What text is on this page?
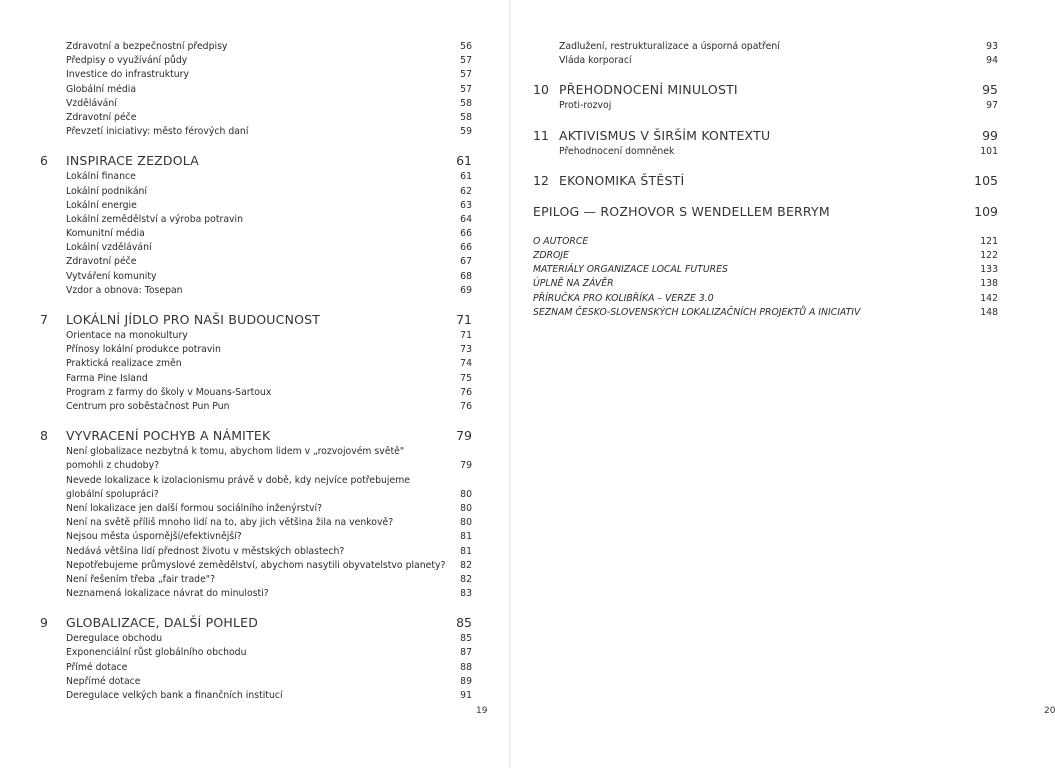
Zdravotní a bezpečnostní předpisy	56
Předpisy o využívání půdy	57
Investice do infrastruktury	57
Globální média	57
Vzdělávání	58
Zdravotní péče	58
Převzetí iniciativy: město férových daní	59
6 INSPIRACE ZEZDOLA	61
Lokální finance	61
Lokální podnikání	62
Lokální energie	63
Lokální zemědělství a výroba potravin	64
Komunitní média	66
Lokální vzdělávání	66
Zdravotní péče	67
Vytváření komunity	68
Vzdor a obnova: Tosepan	69
7 LOKÁLNÍ JÍDLO PRO NAŠI BUDOUCNOST	71
Orientace na monokultury	71
Přínosy lokální produkce potravin	73
Praktická realizace změn	74
Farma Pine Island	75
Program z farmy do školy v Mouans-Sartoux	76
Centrum pro soběstačnost Pun Pun	76
8 VYVRACENÍ POCHYB A NÁMITEK	79
Není globalizace nezbytná k tomu, abychom lidem v „rozvojovém světě" pomohli z chudoby?	79
Nevede lokalizace k izolacionismu právě v době, kdy nejvíce potřebujeme globální spolupráci?	80
Není lokalizace jen další formou sociálního inženýrství?	80
Není na světě příliš mnoho lidí na to, aby jich většina žila na venkově?	80
Nejsou města úspornější/efektivnější?	81
Nedává většina lidí přednost životu v městských oblastech?	81
Nepotřebujeme průmyslové zemědělství, abychom nasytili obyvatelstvo planety? 82
Není řešením třeba „fair trade"?	82
Neznamená lokalizace návrat do minulosti?	83
9 GLOBALIZACE, DALŠÍ POHLED	85
Deregulace obchodu	85
Exponenciální růst globálního obchodu	87
Přímé dotace	88
Nepřímé dotace	89
Deregulace velkých bank a finančních institucí	91
19
Zadlužení, restrukturalizace a úsporná opatření	93
Vláda korporací	94
10 PŘEHODNOCENÍ MINULOSTI	95
Proti-rozvoj	97
11 AKTIVISMUS V ŠIRŠÍM KONTEXTU	99
Přehodnocení domněnek	101
12 EKONOMIKA ŠTĚSTÍ	105
EPILOG — ROZHOVOR S WENDELLEM BERRYM	109
O AUTORCE	121
ZDROJE	122
MATERIÁLY ORGANIZACE LOCAL FUTURES	133
ÚPLNĚ NA ZÁVĚR	138
PŘÍRUČKA PRO KOLIBŘÍKA – VERZE 3.0	142
SEZNAM ČESKO-SLOVENSKÝCH LOKALIZAČNÍCH PROJEKTŮ A INICIATIV	148
20
